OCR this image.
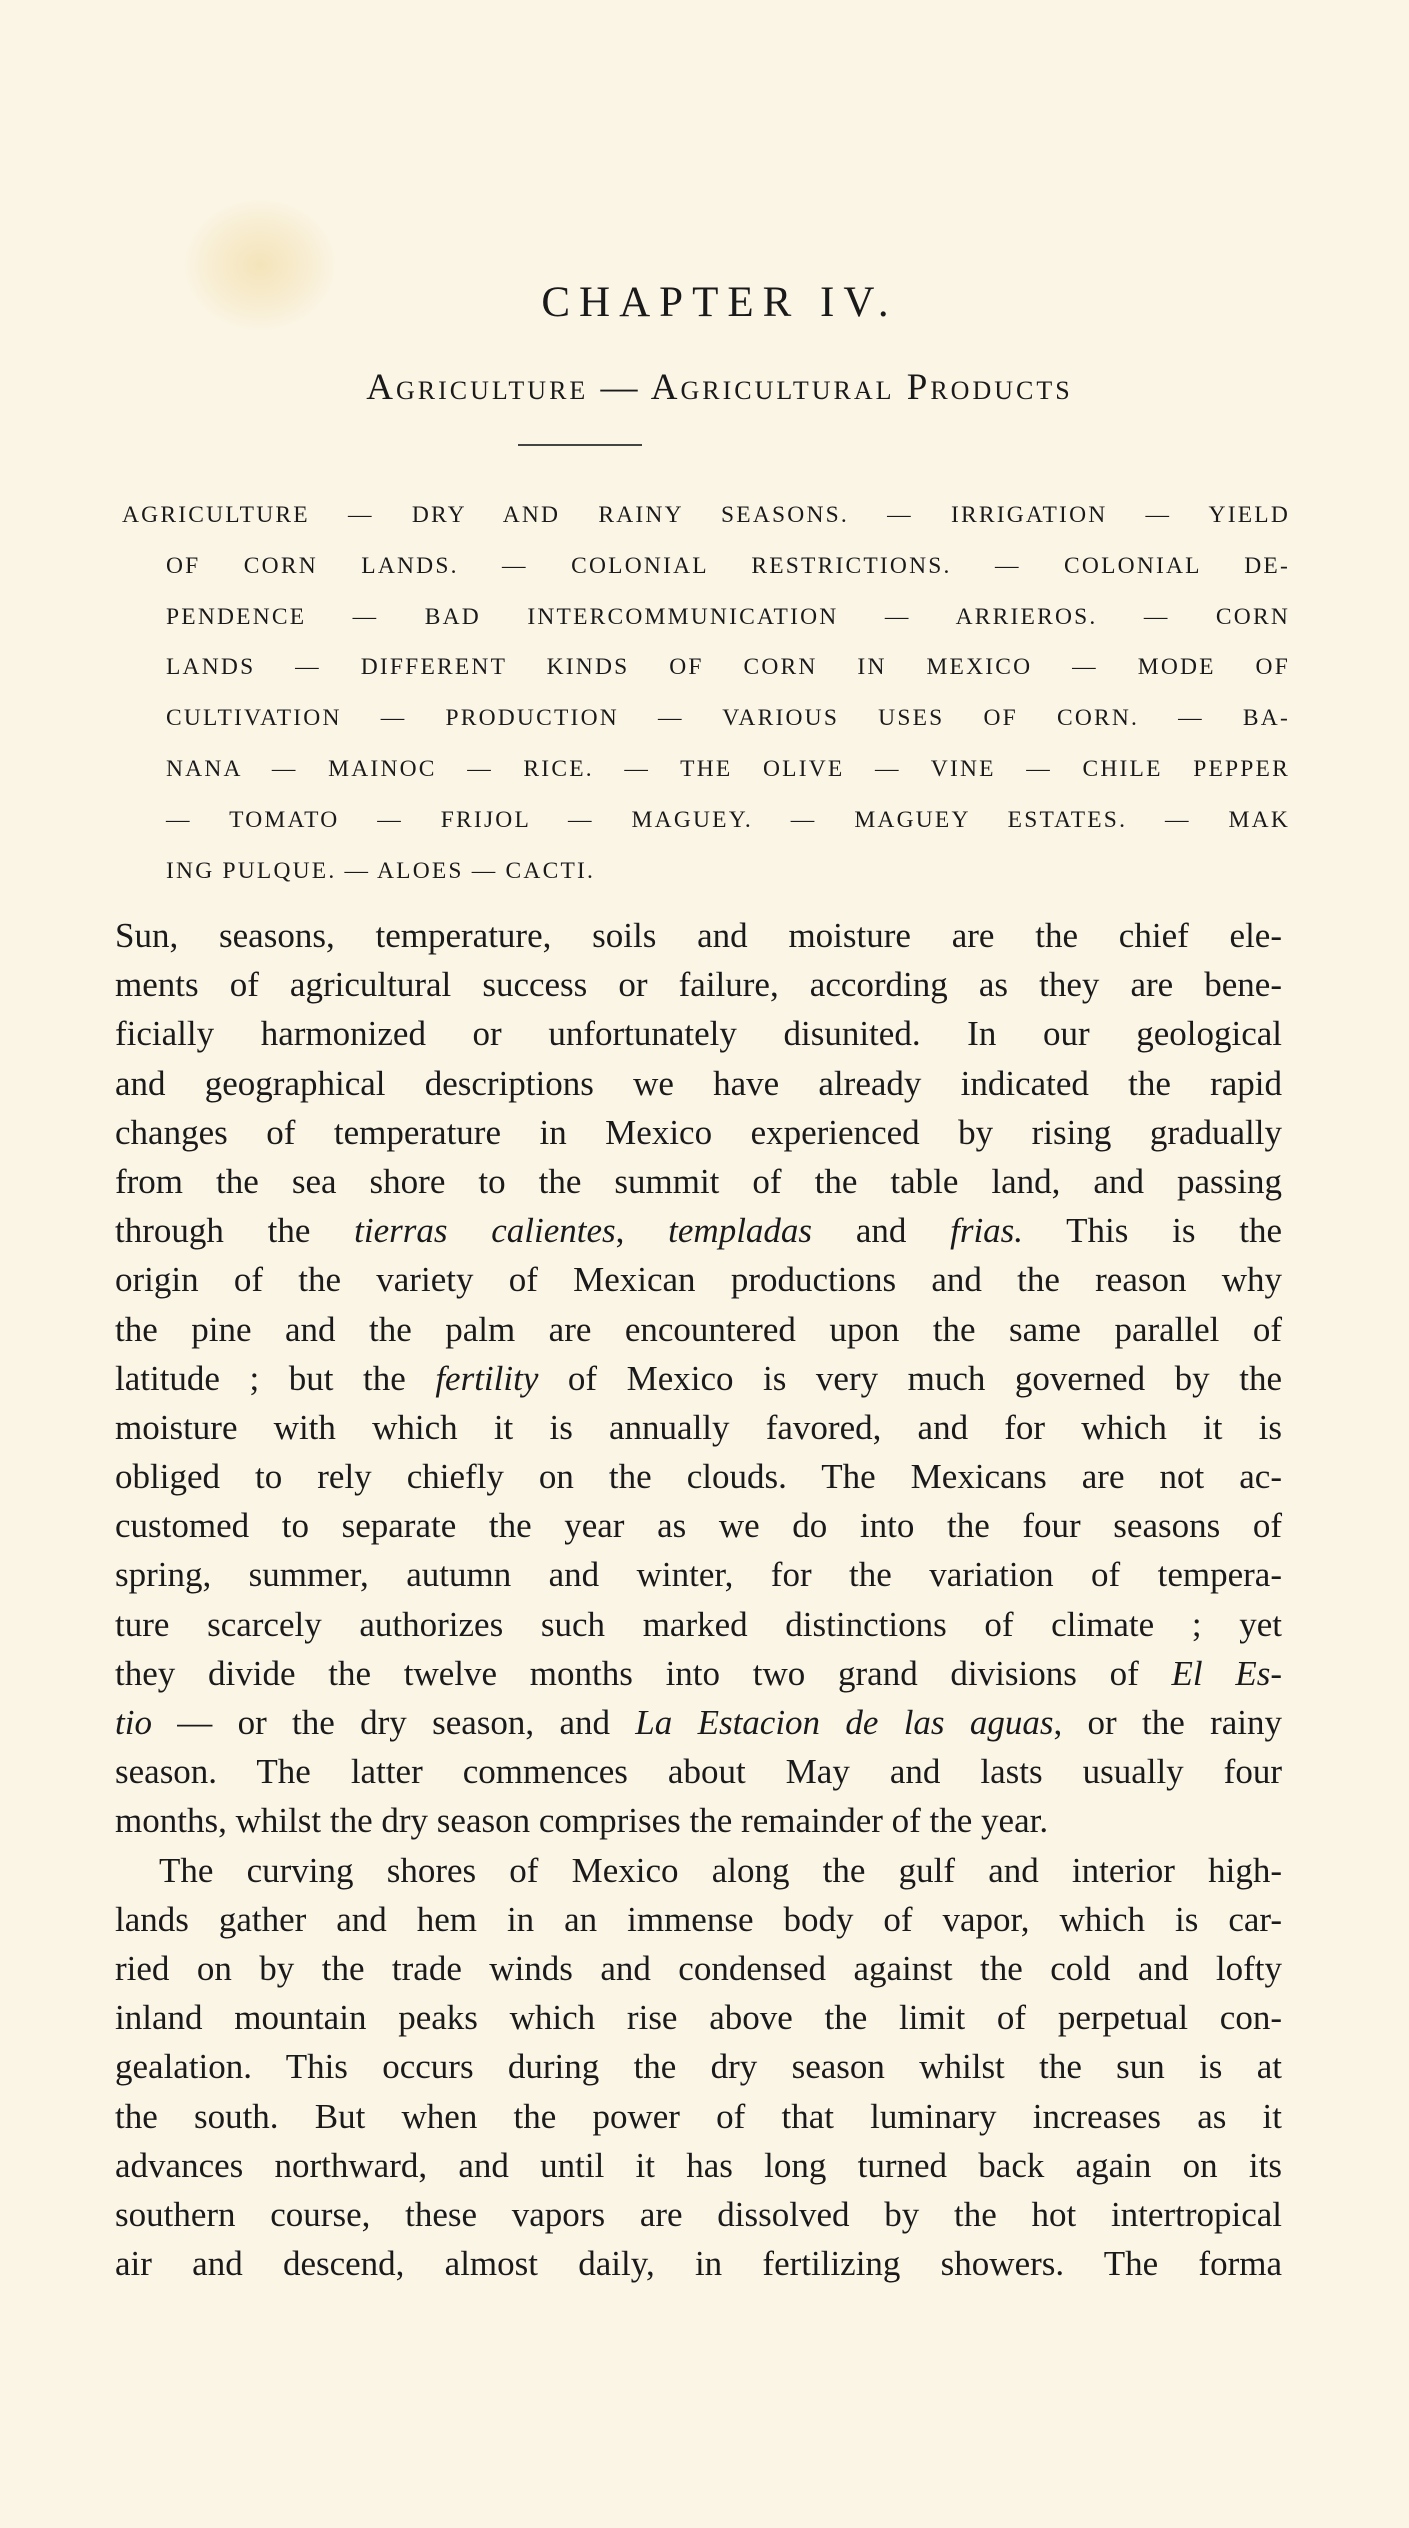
CHAPTER IV.
Agriculture — Agricultural Products
AGRICULTURE — DRY AND RAINY SEASONS. — IRRIGATION — YIELD
OF CORN LANDS. — COLONIAL RESTRICTIONS. — COLONIAL DE-
PENDENCE — BAD INTERCOMMUNICATION — ARRIEROS. — CORN
LANDS — DIFFERENT KINDS OF CORN IN MEXICO — MODE OF
CULTIVATION — PRODUCTION — VARIOUS USES OF CORN. — BA-
NANA — MAINOC — RICE. — THE OLIVE — VINE — CHILE PEPPER
— TOMATO — FRIJOL — MAGUEY. — MAGUEY ESTATES. — MAK
ING PULQUE. — ALOES — CACTI.
Sun, seasons, temperature, soils and moisture are the chief ele-
ments of agricultural success or failure, according as they are bene-
ficially harmonized or unfortunately disunited. In our geological
and geographical descriptions we have already indicated the rapid
changes of temperature in Mexico experienced by rising gradually
from the sea shore to the summit of the table land, and passing
through the tierras calientes, templadas and frias. This is the
origin of the variety of Mexican productions and the reason why
the pine and the palm are encountered upon the same parallel of
latitude ; but the fertility of Mexico is very much governed by the
moisture with which it is annually favored, and for which it is
obliged to rely chiefly on the clouds. The Mexicans are not ac-
customed to separate the year as we do into the four seasons of
spring, summer, autumn and winter, for the variation of tempera-
ture scarcely authorizes such marked distinctions of climate ; yet
they divide the twelve months into two grand divisions of El Es-
tio — or the dry season, and La Estacion de las aguas, or the rainy
season. The latter commences about May and lasts usually four
months, whilst the dry season comprises the remainder of the year.
The curving shores of Mexico along the gulf and interior high-
lands gather and hem in an immense body of vapor, which is car-
ried on by the trade winds and condensed against the cold and lofty
inland mountain peaks which rise above the limit of perpetual con-
gealation. This occurs during the dry season whilst the sun is at
the south. But when the power of that luminary increases as it
advances northward, and until it has long turned back again on its
southern course, these vapors are dissolved by the hot intertropical
air and descend, almost daily, in fertilizing showers. The forma
